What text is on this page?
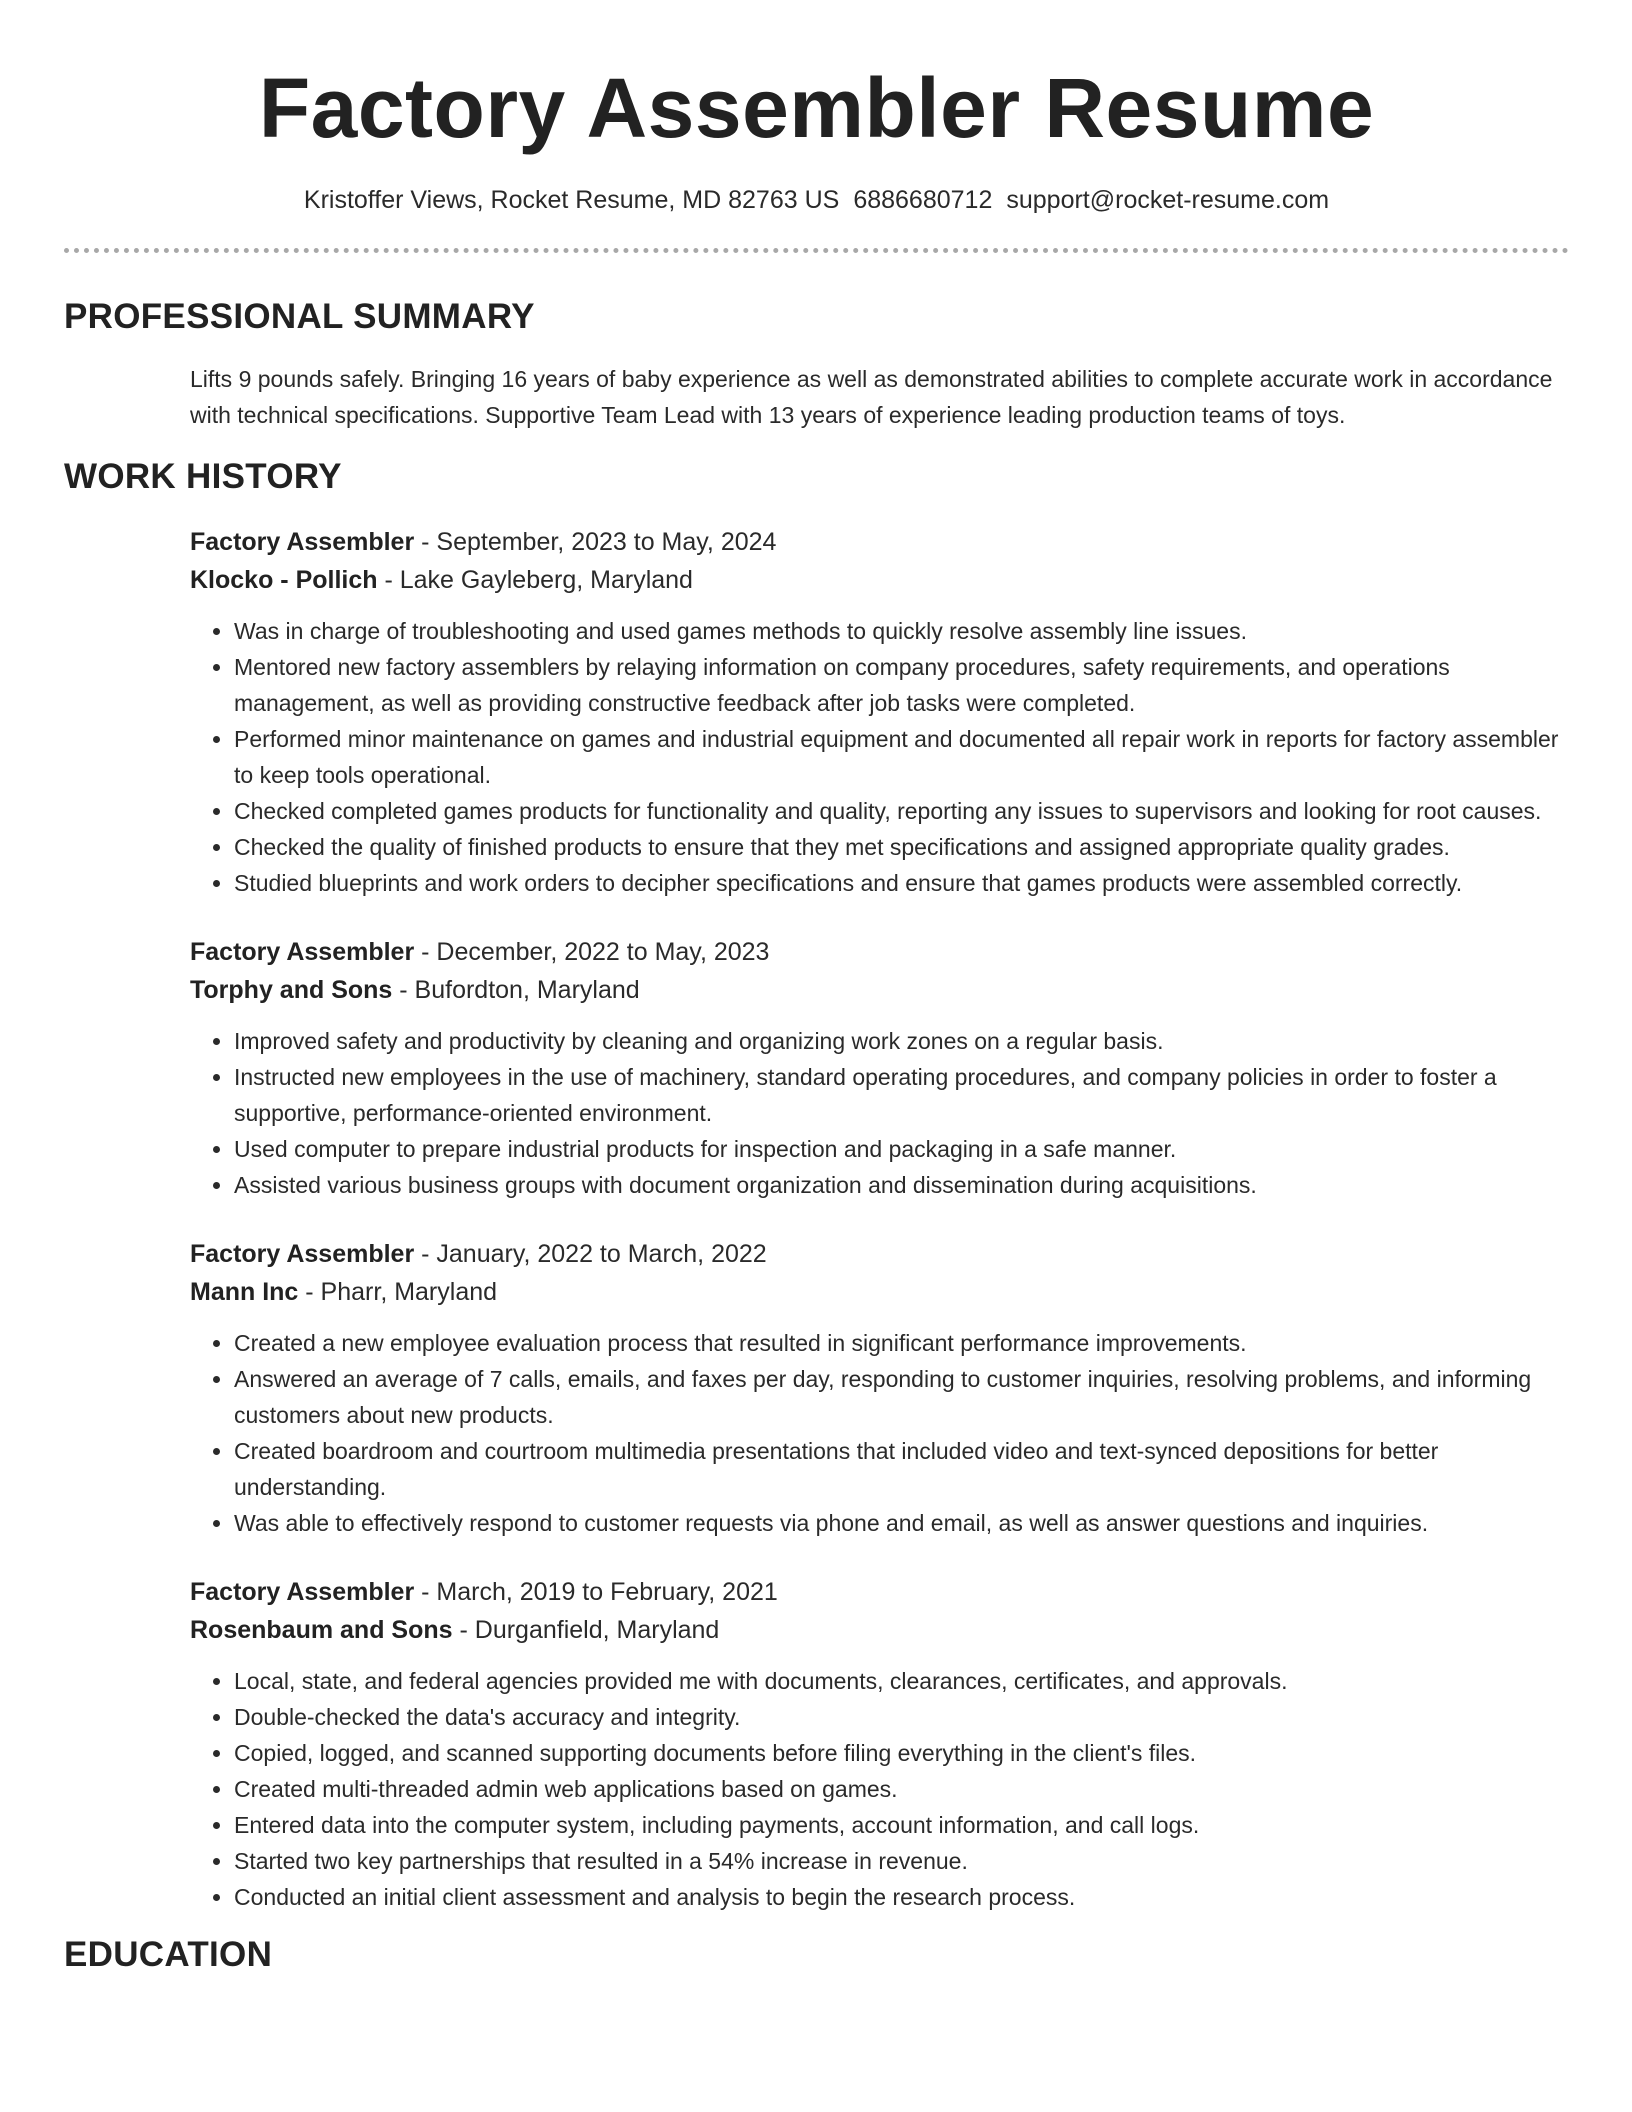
Factory Assembler Resume
Kristoffer Views, Rocket Resume, MD 82763 US 6886680712 support@rocket-resume.com
PROFESSIONAL SUMMARY

Lifts 9 pounds safely. Bringing 16 years of baby experience as well as demonstrated abilities to complete accurate work in accordance with technical specifications. Supportive Team Lead with 13 years of experience leading production teams of toys.

WORK HISTORY
Factory Assembler - September, 2023 to May, 2024
Klocko - Pollich - Lake Gayleberg, Maryland
• Was in charge of troubleshooting and used games methods to quickly resolve assembly line issues.
• Mentored new factory assemblers by relaying information on company procedures, safety requirements, and operations management, as well as providing constructive feedback after job tasks were completed.
• Performed minor maintenance on games and industrial equipment and documented all repair work in reports for factory assembler to keep tools operational.
• Checked completed games products for functionality and quality, reporting any issues to supervisors and looking for root causes.
• Checked the quality of finished products to ensure that they met specifications and assigned appropriate quality grades.
• Studied blueprints and work orders to decipher specifications and ensure that games products were assembled correctly.
Factory Assembler - December, 2022 to May, 2023
Torphy and Sons - Bufordton, Maryland
• Improved safety and productivity by cleaning and organizing work zones on a regular basis.
• Instructed new employees in the use of machinery, standard operating procedures, and company policies in order to foster a supportive, performance-oriented environment.
• Used computer to prepare industrial products for inspection and packaging in a safe manner.
• Assisted various business groups with document organization and dissemination during acquisitions.
Factory Assembler - January, 2022 to March, 2022
Mann Inc - Pharr, Maryland
• Created a new employee evaluation process that resulted in significant performance improvements.
• Answered an average of 7 calls, emails, and faxes per day, responding to customer inquiries, resolving problems, and informing customers about new products.
• Created boardroom and courtroom multimedia presentations that included video and text-synced depositions for better understanding.
• Was able to effectively respond to customer requests via phone and email, as well as answer questions and inquiries.
Factory Assembler - March, 2019 to February, 2021
Rosenbaum and Sons - Durganfield, Maryland
• Local, state, and federal agencies provided me with documents, clearances, certificates, and approvals.
• Double-checked the data's accuracy and integrity.
• Copied, logged, and scanned supporting documents before filing everything in the client's files.
• Created multi-threaded admin web applications based on games.
• Entered data into the computer system, including payments, account information, and call logs.
• Started two key partnerships that resulted in a 54% increase in revenue.
• Conducted an initial client assessment and analysis to begin the research process.
EDUCATION
